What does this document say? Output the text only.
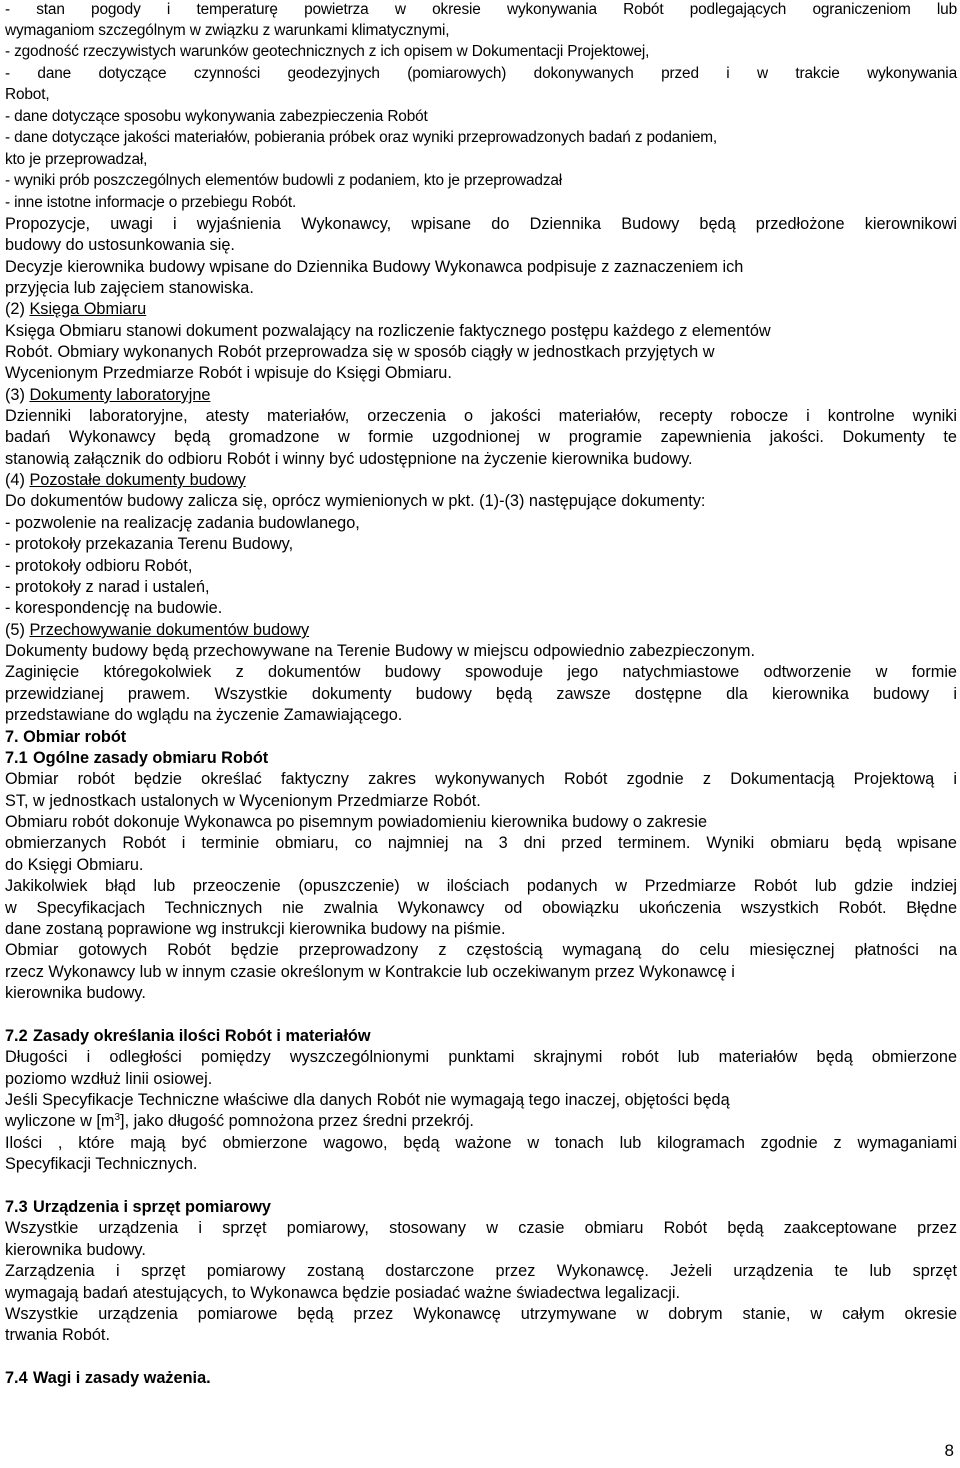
- stan pogody i temperaturę powietrza w okresie wykonywania Robót podlegających ograniczeniom lub
wymaganiom szczególnym w związku z warunkami klimatycznymi,
- zgodność rzeczywistych warunków geotechnicznych z ich opisem w Dokumentacji Projektowej,
- dane dotyczące czynności geodezyjnych (pomiarowych) dokonywanych przed i w trakcie wykonywania
Robot,
- dane dotyczące sposobu wykonywania zabezpieczenia Robót
- dane dotyczące jakości materiałów, pobierania próbek oraz wyniki przeprowadzonych badań z podaniem,
kto je przeprowadzał,
- wyniki prób poszczególnych elementów budowli z podaniem, kto je przeprowadzał
- inne istotne informacje o przebiegu Robót.
Propozycje, uwagi i wyjaśnienia Wykonawcy, wpisane do Dziennika Budowy będą przedłożone kierownikowi
budowy do ustosunkowania się.
Decyzje kierownika budowy wpisane do Dziennika Budowy Wykonawca podpisuje z zaznaczeniem ich
przyjęcia lub zajęciem stanowiska.
(2) Księga Obmiaru
Księga Obmiaru stanowi dokument pozwalający na rozliczenie faktycznego postępu każdego z elementów
Robót. Obmiary wykonanych Robót przeprowadza się w sposób ciągły w jednostkach przyjętych w
Wycenionym Przedmiarze Robót i wpisuje do Księgi Obmiaru.
(3) Dokumenty laboratoryjne
Dzienniki laboratoryjne, atesty materiałów, orzeczenia o jakości materiałów, recepty robocze i kontrolne wyniki
badań Wykonawcy będą gromadzone w formie uzgodnionej w programie zapewnienia jakości. Dokumenty te
stanowią załącznik do odbioru Robót i winny być udostępnione na życzenie kierownika budowy.
(4) Pozostałe dokumenty budowy
Do dokumentów budowy zalicza się, oprócz wymienionych w pkt. (1)-(3) następujące dokumenty:
- pozwolenie na realizację zadania budowlanego,
- protokoły przekazania Terenu Budowy,
- protokoły odbioru Robót,
- protokoły z narad i ustaleń,
- korespondencję na budowie.
(5) Przechowywanie dokumentów budowy
Dokumenty budowy będą przechowywane na Terenie Budowy w miejscu odpowiednio zabezpieczonym.
Zaginięcie któregokolwiek z dokumentów budowy spowoduje jego natychmiastowe odtworzenie w formie
przewidzianej prawem. Wszystkie dokumenty budowy będą zawsze dostępne dla kierownika budowy i
przedstawiane do wglądu na życzenie Zamawiającego.
7. Obmiar robót
7.1 Ogólne zasady obmiaru Robót
Obmiar robót będzie określać faktyczny zakres wykonywanych Robót zgodnie z Dokumentacją Projektową i
ST, w jednostkach ustalonych w Wycenionym Przedmiarze Robót.
Obmiaru robót dokonuje Wykonawca po pisemnym powiadomieniu kierownika budowy o zakresie
obmierzanych Robót i terminie obmiaru, co najmniej na 3 dni przed terminem. Wyniki obmiaru będą wpisane
do Księgi Obmiaru.
Jakikolwiek błąd lub przeoczenie (opuszczenie) w ilościach podanych w Przedmiarze Robót lub gdzie indziej
w Specyfikacjach Technicznych nie zwalnia Wykonawcy od obowiązku ukończenia wszystkich Robót. Błędne
dane zostaną poprawione wg instrukcji kierownika budowy na piśmie.
Obmiar gotowych Robót będzie przeprowadzony z częstością wymaganą do celu miesięcznej płatności na
rzecz Wykonawcy lub w innym czasie określonym w Kontrakcie lub oczekiwanym przez Wykonawcę i
kierownika budowy.
7.2 Zasady określania ilości Robót i materiałów
Długości i odległości pomiędzy wyszczególnionymi punktami skrajnymi robót lub materiałów będą obmierzone
poziomo wzdłuż linii osiowej.
Jeśli Specyfikacje Techniczne właściwe dla danych Robót nie wymagają tego inaczej, objętości będą
wyliczone w $[m^3]$, jako długość pomnożona przez średni przekrój.
Ilości , które mają być obmierzone wagowo, będą ważone w tonach lub kilogramach zgodnie z wymaganiami
Specyfikacji Technicznych.
7.3 Urządzenia i sprzęt pomiarowy
Wszystkie urządzenia i sprzęt pomiarowy, stosowany w czasie obmiaru Robót będą zaakceptowane przez
kierownika budowy.
Zarządzenia i sprzęt pomiarowy zostaną dostarczone przez Wykonawcę. Jeżeli urządzenia te lub sprzęt
wymagają badań atestujących, to Wykonawca będzie posiadać ważne świadectwa legalizacji.
Wszystkie urządzenia pomiarowe będą przez Wykonawcę utrzymywane w dobrym stanie, w całym okresie
trwania Robót.
7.4 Wagi i zasady ważenia.
8
